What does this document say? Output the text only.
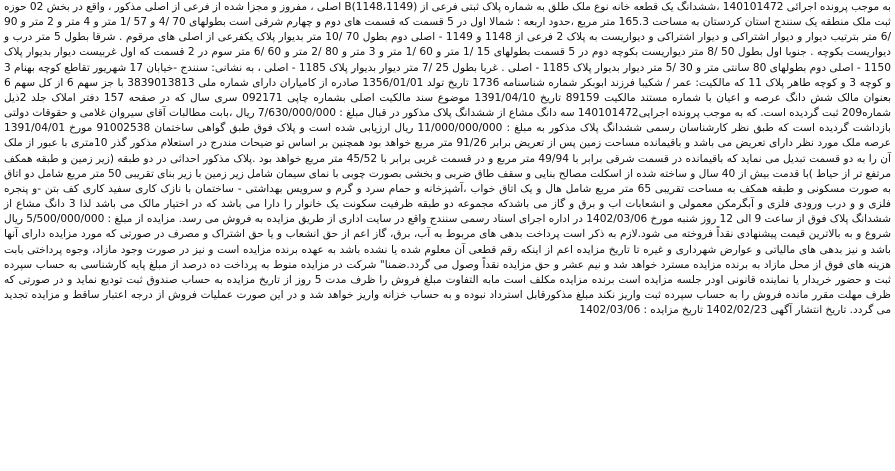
به موجب پرونده اجرائی 140101472 ،ششدانگ یک قطعه خانه نوع ملک طلق به شماره پلاک ثبتی فرعی از (B(1148،1149 اصلی ، مفروز و مجزا شده از فرعی از اصلی مذکور ، واقع در بخش 02 حوزه ثبت ملک منطقه یک سنندج استان کردستان به مساحت 165.3 متر مربع ،حدود اربعه : شمالا اول در 5 قسمت که قسمت های دوم و چهارم شرقی است بطولهای 70 /4 و 57 /1 متر و 4 متر و 2 متر و 90 /6 متر بترتیب دیوار و دیوار اشتراکی و دیوار اشتراکی و دیواریست به پلاک 2 فرعی از 1148 و 1149 - اصلی دوم بطول 70 /10 متر بدیوار پلاک یکفرعی از اصلی های مرقوم . شرقا بطول 5 متر درب و دیواریست بکوچه . جنوبا اول بطول 50 /8 متر دیواریست بکوچه دوم در 5 قسمت بطولهای 15 /1 متر و 60 /1 متر و 3 متر و 80 /2 متر و 60 /6 متر سوم در 2 قسمت که اول غربیست دیوار بدیوار پلاک 1150 - اصلی دوم بطولهای 80 سانتی متر و 30 /5 متر دیوار بدیوار پلاک 1185 - اصلی . غربا بطول 25 /7 متر دیوار بدیوار پلاک 1185 - اصلی ، به نشانی: سنندج -خیابان 17 شهریور تقاطع کوچه بهنام 3 و کوچه 3 و کوچه طاهر پلاک 11 که مالکیت: عمر / شکیبا فرزند ابوبکر شماره شناسنامه 1736 تاریخ تولد 1356/01/01 صادره از کامیاران دارای شماره ملی 3839013813 با جز سهم 6 از کل سهم 6 بعنوان مالک شش دانگ عرصه و اعیان با شماره مستند مالکیت 89159 تاریخ 1391/04/10 موضوع سند مالکیت اصلی بشماره چاپی 092171 سری سال که در صفحه 157 دفتر املاک جلد 2ذیل شماره209 ثبت گردیده است. که به موجب پرونده اجرایی140101472 سه دانگ مشاع از ششدانگ پلاک مذکور در قبال مبلغ : 7/630/000/000 ریال ،بابت مطالبات آقای سیروان غلامی و حقوقات دولتی بازداشت گردیده است که طبق نظر کارشناسان رسمی ششدانگ پلاک مذکور به مبلغ : 11/000/000/000 ریال ارزیابی شده است و پلاک فوق طبق گواهی ساختمان 91002538 مورخ 1391/04/01 عرصه ملک مورد نظر دارای تعریض می باشد و باقیمانده مساحت زمین پس از تعریض برابر 91/26 متر مربع خواهد بود همچنین بر اساس تو ضیحات مندرج در استعلام مذکور گذر 10متری با عبور از ملک آن را به دو قسمت تبدیل می نماید که باقیمانده در قسمت شرقی برابر با 49/94 متر مربع و در قسمت غربی برابر با 45/52 متر مربع خواهد بود .پلاک مذکور احداثی در دو طبقه (زیر زمین و طبقه همکف مرتفع تر از حیاط )با قدمت بیش از 40 سال و ساخته شده از اسکلت مصالح بنایی و سقف طاق ضربی و بخشی بصورت چوبی با نمای سیمان شامل زیر زمین با زیر بنای تقریبی 50 متر مربع شامل دو اتاق به صورت مسکونی و طبقه همکف به مساحت تقریبی 65 متر مربع شامل هال و یک اتاق خواب ،آشپزخانه و حمام سرد و گرم و سرویس بهداشتی - ساختمان با نازک کاری سفید کاری کف بتن -و پنجره فلزی و و درب ورودی فلزی و آبگرمکن معمولی و انشعابات اب و برق و گاز می باشدکه مجموعه دو طبقه ظرفیت سکونت یک خانوار را دارا می باشد که در اختیار مالک می باشد لذا 3 دانگ مشاع از ششدانگ پلاک فوق از ساعت 9 الی 12 روز شنبه مورخ 1402/03/06 در اداره اجرای اسناد رسمی سنندج واقع در سایت اداری از طریق مزایده به فروش می رسد. مزایده از مبلغ : 5/500/000/000 ریال شروع و به بالاترین قیمت پیشنهادی نقداً فروخته می شود.لازم به ذکر است پرداخت بدهی های مربوط به آب، برق، گاز اعم از حق انشعاب و یا حق اشتراک و مصرف در صورتی که مورد مزایده دارای آنها باشد و نیز بدهی های مالیاتی و عوارض شهرداری و غیره تا تاریخ مزایده اعم از اینکه رقم قطعی آن معلوم شده یا نشده باشد به عهده برنده مزایده است و نیز در صورت وجود مازاد، وجوه پرداختی بابت هزینه های فوق از محل مازاد به برنده مزایده مسترد خواهد شد و نیم عشر و حق مزایده نقداً وصول می گردد.ضمنا" شرکت در مزایده منوط به پرداخت ده درصد از مبلغ پایه کارشناسی به حساب سپرده ثبت و حضور خریدار یا نماینده قانونی اودر جلسه مزایده است برنده مزایده مکلف است مابه التفاوت مبلغ فروش را ظرف مدت 5 روز از تاریخ مزایده به حساب صندوق ثبت تودیع نماید و در صورتی که ظرف مهلت مقرر مانده فروش را به حساب سپرده ثبت واریز نکند مبلغ مذکورقابل استرداد نبوده و به حساب خزانه واریز خواهد شد و در این صورت عملیات فروش از درجه اعتبار ساقط و مزایده تجدید می گردد. تاریخ انتشار آگهی 1402/02/23 تاریخ مزایده : 1402/03/06
